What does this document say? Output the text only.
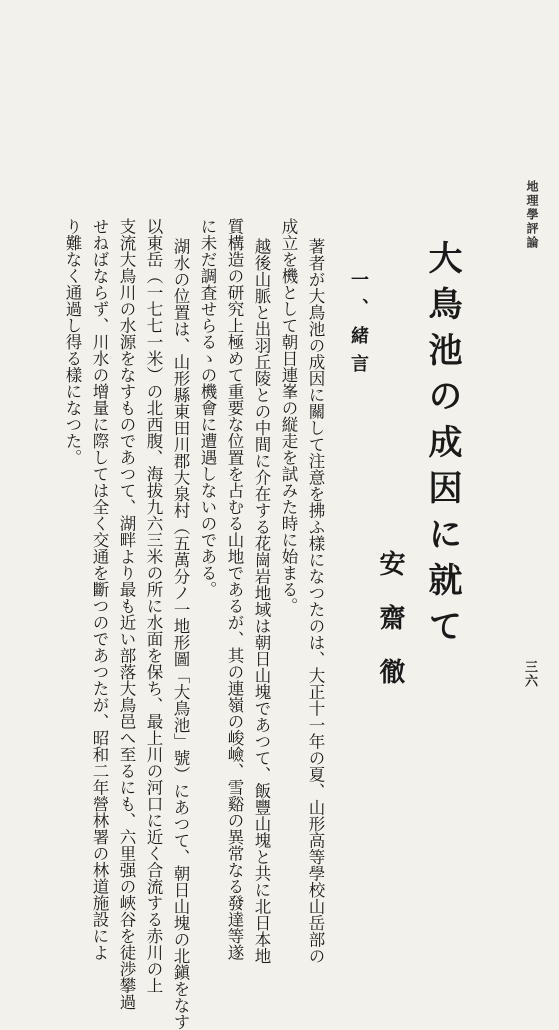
地理學評論
三六
大鳥池の成因に就て
安齋徹
一、緒言
著者が大鳥池の成因に關して注意を拂ふ樣になつたのは、大正十一年の夏、山形高等學校山岳部の
成立を機として朝日連峯の縦走を試みた時に始まる。
越後山脈と出羽丘陵との中間に介在する花崗岩地域は朝日山塊であつて、飯豐山塊と共に北日本地
質構造の研究上極めて重要な位置を占むる山地であるが、其の連嶺の峻嶮、雪谿の異常なる發達等遂
に未だ調査せらるゝの機會に遭遇しないのである。
湖水の位置は、山形縣東田川郡大泉村（五萬分ノ一地形圖「大鳥池」號）にあつて、朝日山塊の北鎭をなす
以東岳（一七七一米）の北西腹、海拔九六三米の所に水面を保ち、最上川の河口に近く合流する赤川の上
支流大鳥川の水源をなすものであつて、湖畔より最も近い部落大鳥邑へ至るにも、六里强の峽谷を徒渉攀過
せねばならず、川水の增量に際しては全く交通を斷つのであつたが、昭和二年營林署の林道施設によ
り難なく通過し得る樣になつた。
